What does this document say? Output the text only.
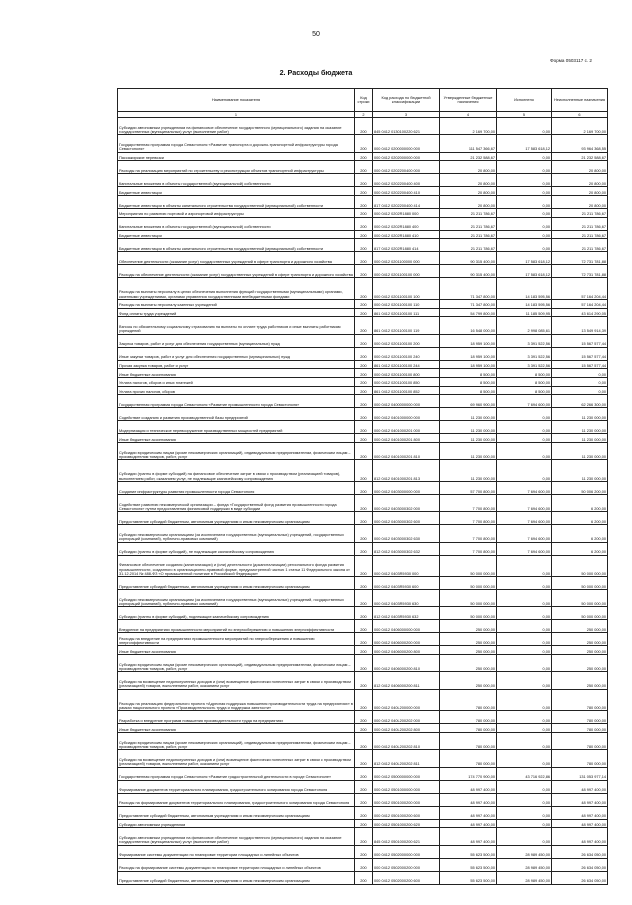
50
Форма 0503117 с. 2
2. Расходы бюджета
Наименование показателя	Код строки	Код расхода по бюджетной классификации	Утвержденные бюджетные назначения	Исполнено	Неисполненные назначения
1	2	3	4	5	6
Субсидии автономным учреждениям на финансовое обеспечение государственного (муниципального) задания на оказание государственных (муниципальных) услуг (выполнение работ)	200	845 0412 0130100220 621	2 169 700,00	0,00	2 169 700,00
Государственная программа города Севастополя «Развитие транспорта и дорожно-транспортной инфраструктуры города Севастополя»	200	000 0412 0200000000 000	111 547 366,67	17 583 618,12	93 964 368,55
Пассажирские перевозки	200	000 0412 0202000000 000	21 232 588,67	0,00	21 232 588,67
Расходы на реализацию мероприятий по строительству и реконструкции объектов транспортной инфраструктуры	200	000 0412 0202200400 000	20 800,00	0,00	20 800,00
Капитальные вложения в объекты государственной (муниципальной) собственности	200	000 0412 0202200400 400	20 800,00	0,00	20 800,00
Бюджетные инвестиции	200	000 0412 0202200400 410	20 800,00	0,00	20 800,00
Бюджетные инвестиции в объекты капитального строительства государственной (муниципальной) собственности	200	817 0412 0202200400 414	20 800,00	0,00	20 800,00
Мероприятия по развитию портовой и аэропортовой инфраструктуры	200	000 0412 0202R1880 000	21 211 786,67	0,00	21 211 786,67
Капитальные вложения в объекты государственной (муниципальной) собственности	200	000 0412 0202R1880 400	21 211 786,67	0,00	21 211 786,67
Бюджетные инвестиции	200	000 0412 0202R1880 410	21 211 786,67	0,00	21 211 786,67
Бюджетные инвестиции в объекты капитального строительства государственной (муниципальной) собственности	200	817 0412 0202R1880 414	21 211 786,67	0,00	21 211 786,67
Обеспечение деятельности (оказание услуг) государственных учреждений в сфере транспорта и дорожного хозяйства	200	000 0412 0201100000 000	90 315 400,00	17 583 618,12	72 731 781,88
Расходы на обеспечение деятельности (оказание услуг) государственных учреждений в сфере транспорта и дорожного хозяйства	200	000 0412 0201100100 000	90 315 400,00	17 583 618,12	72 731 781,88
Расходы на выплаты персоналу в целях обеспечения выполнения функций государственными (муниципальными) органами, казенными учреждениями, органами управления государственными внебюджетными фондами	200	000 0412 0201100100 100	71 347 800,00	14 183 595,56	57 164 204,44
Расходы на выплаты персоналу казенных учреждений	200	000 0412 0201100100 110	71 347 800,00	14 183 595,56	57 164 204,44
Фонд оплаты труда учреждений	200	861 0412 0201100100 111	54 799 800,00	11 185 509,95	43 614 290,05
Взносы по обязательному социальному страхованию на выплаты по оплате труда работников и иные выплаты работникам учреждений	200	861 0412 0201100100 119	16 548 000,00	2 998 085,61	13 549 914,39
Закупка товаров, работ и услуг для обеспечения государственных (муниципальных) нужд	200	000 0412 0201100100 200	18 959 100,00	3 391 522,56	15 567 577,44
Иные закупки товаров, работ и услуг для обеспечения государственных (муниципальных) нужд	200	000 0412 0201100100 240	18 959 100,00	3 391 522,56	15 567 577,44
Прочая закупка товаров, работ и услуг	200	861 0412 0201100100 244	18 959 100,00	3 391 522,56	15 567 577,44
Иные бюджетные ассигнования	200	000 0412 0201100100 800	8 500,00	8 500,00	0,00
Уплата налогов, сборов и иных платежей	200	000 0412 0201100100 850	8 500,00	8 500,00	0,00
Уплата прочих налогов, сборов	200	861 0412 0201100100 852	8 500,00	8 500,00	0,00
Государственная программа города Севастополя «Развитие промышленности города Севастополя»	200	000 0412 0400000000 000	69 960 900,00	7 694 600,00	62 266 300,00
Содействие созданию и развитию производственной базы предприятий	200	000 0412 0401000000 000	11 230 000,00	0,00	11 230 000,00
Модернизация и техническое перевооружение производственных мощностей предприятий	200	000 0412 0401000201 000	11 230 000,00	0,00	11 230 000,00
Иные бюджетные ассигнования	200	000 0412 0401000201 800	11 230 000,00	0,00	11 230 000,00
Субсидии юридическим лицам (кроме некоммерческих организаций), индивидуальным предпринимателям, физическим лицам – производителям товаров, работ, услуг	200	000 0412 0401000201 810	11 230 000,00	0,00	11 230 000,00
Субсидии (гранты в форме субсидий) на финансовое обеспечение затрат в связи с производством (реализацией товаров), выполнением работ, оказанием услуг, не подлежащие казначейскому сопровождению	200	812 0412 0401000201 813	11 230 000,00	0,00	11 230 000,00
Создание инфраструктуры развития промышленности города Севастополя	200	000 0412 0403000000 000	57 700 800,00	7 694 600,00	50 006 200,00
Содействие развитию некоммерческой организации – фонда «Государственный фонд развития промышленности города Севастополя» путем предоставления финансовой поддержки в виде субсидии	200	000 0412 0403000302 000	7 700 800,00	7 694 600,00	6 200,00
Предоставление субсидий бюджетным, автономным учреждениям и иным некоммерческим организациям	200	000 0412 0403000302 600	7 700 800,00	7 694 600,00	6 200,00
Субсидии некоммерческим организациям (за исключением государственных (муниципальных) учреждений, государственных корпораций (компаний), публично-правовых компаний)	200	000 0412 0403000302 630	7 700 800,00	7 694 600,00	6 200,00
Субсидии (гранты в форме субсидий), не подлежащие казначейскому сопровождению	200	812 0412 0403000302 632	7 700 800,00	7 694 600,00	6 200,00
Финансовое обеспечение создания (капитализации) и (или) деятельности (докапитализации) регионального фонда развития промышленности, созданного в организационно-правовой форме, предусмотренной частью 1 статьи 11 Федерального закона от 31.12.2014 № 488-ФЗ «О промышленной политике в Российской Федерации»	200	000 0412 0403R5930 000	50 000 000,00	0,00	50 000 000,00
Предоставление субсидий бюджетным, автономным учреждениям и иным некоммерческим организациям	200	000 0412 0403R5930 600	50 000 000,00	0,00	50 000 000,00
Субсидии некоммерческим организациям (за исключением государственных (муниципальных) учреждений, государственных корпораций (компаний), публично-правовых компаний)	200	000 0412 0403R5930 630	50 000 000,00	0,00	50 000 000,00
Субсидии (гранты в форме субсидий), подлежащие казначейскому сопровождению	200	812 0412 0403R5930 632	50 000 000,00	0,00	50 000 000,00
Внедрение на предприятиях промышленности мероприятий по энергосбережению и повышению энергоэффективности	200	000 0412 0406000000 000	250 000,00	0,00	250 000,00
Расходы на внедрение на предприятиях промышленности мероприятий по энергосбережению и повышению энергоэффективности	200	000 0412 0406000200 000	250 000,00	0,00	250 000,00
Иные бюджетные ассигнования	200	000 0412 0406000200 800	250 000,00	0,00	250 000,00
Субсидии юридическим лицам (кроме некоммерческих организаций), индивидуальным предпринимателям, физическим лицам – производителям товаров, работ, услуг	200	000 0412 0406000200 810	250 000,00	0,00	250 000,00
Субсидии на возмещение недополученных доходов и (или) возмещение фактически понесенных затрат в связи с производством (реализацией) товаров, выполнением работ, оказанием услуг	200	812 0412 0406000200 811	250 000,00	0,00	250 000,00
Расходы на реализацию федерального проекта «Адресная поддержка повышения производительности труда на предприятиях» в рамках национального проекта «Производительность труда и поддержка занятости»	200	000 0412 040L200000 000	780 000,00	0,00	780 000,00
Разработка и внедрение программ повышения производительности труда на предприятиях	200	000 0412 040L200202 000	780 000,00	0,00	780 000,00
Иные бюджетные ассигнования	200	000 0412 040L200202 800	780 000,00	0,00	780 000,00
Субсидии юридическим лицам (кроме некоммерческих организаций), индивидуальным предпринимателям, физическим лицам – производителям товаров, работ, услуг	200	000 0412 040L200202 810	780 000,00	0,00	780 000,00
Субсидии на возмещение недополученных доходов и (или) возмещение фактически понесенных затрат в связи с производством (реализацией) товаров, выполнением работ, оказанием услуг	200	812 0412 040L200202 811	780 000,00	0,00	780 000,00
Государственная программа города Севастополя «Развитие градостроительной деятельности в городе Севастополе»	200	000 0412 0500000000 000	174 770 900,00	43 716 922,86	131 053 977,14
Формирование документов территориального планирования, градостроительного зонирования города Севастополя	200	000 0412 0501000000 000	48 997 400,00	0,00	48 997 400,00
Расходы на формирование документов территориального планирования, градостроительного зонирования города Севастополя	200	000 0412 0501000200 000	48 997 400,00	0,00	48 997 400,00
Предоставление субсидий бюджетным, автономным учреждениям и иным некоммерческим организациям	200	000 0412 0501000200 600	48 997 400,00	0,00	48 997 400,00
Субсидии автономным учреждениям	200	000 0412 0501000200 620	48 997 400,00	0,00	48 997 400,00
Субсидии автономным учреждениям на финансовое обеспечение государственного (муниципального) задания на оказание государственных (муниципальных) услуг (выполнение работ)	200	845 0412 0501000200 621	48 997 400,00	0,00	48 997 400,00
Формирование системы документации по планировке территории площадных и линейных объектов	200	000 0412 0502000000 000	55 623 500,00	28 989 450,00	26 634 050,00
Расходы на формирование системы документации по планировке территории площадных и линейных объектов	200	000 0412 0502000200 000	55 623 500,00	28 989 450,00	26 634 050,00
Предоставление субсидий бюджетным, автономным учреждениям и иным некоммерческим организациям	200	000 0412 0502000200 600	55 623 500,00	28 989 450,00	26 634 050,00
